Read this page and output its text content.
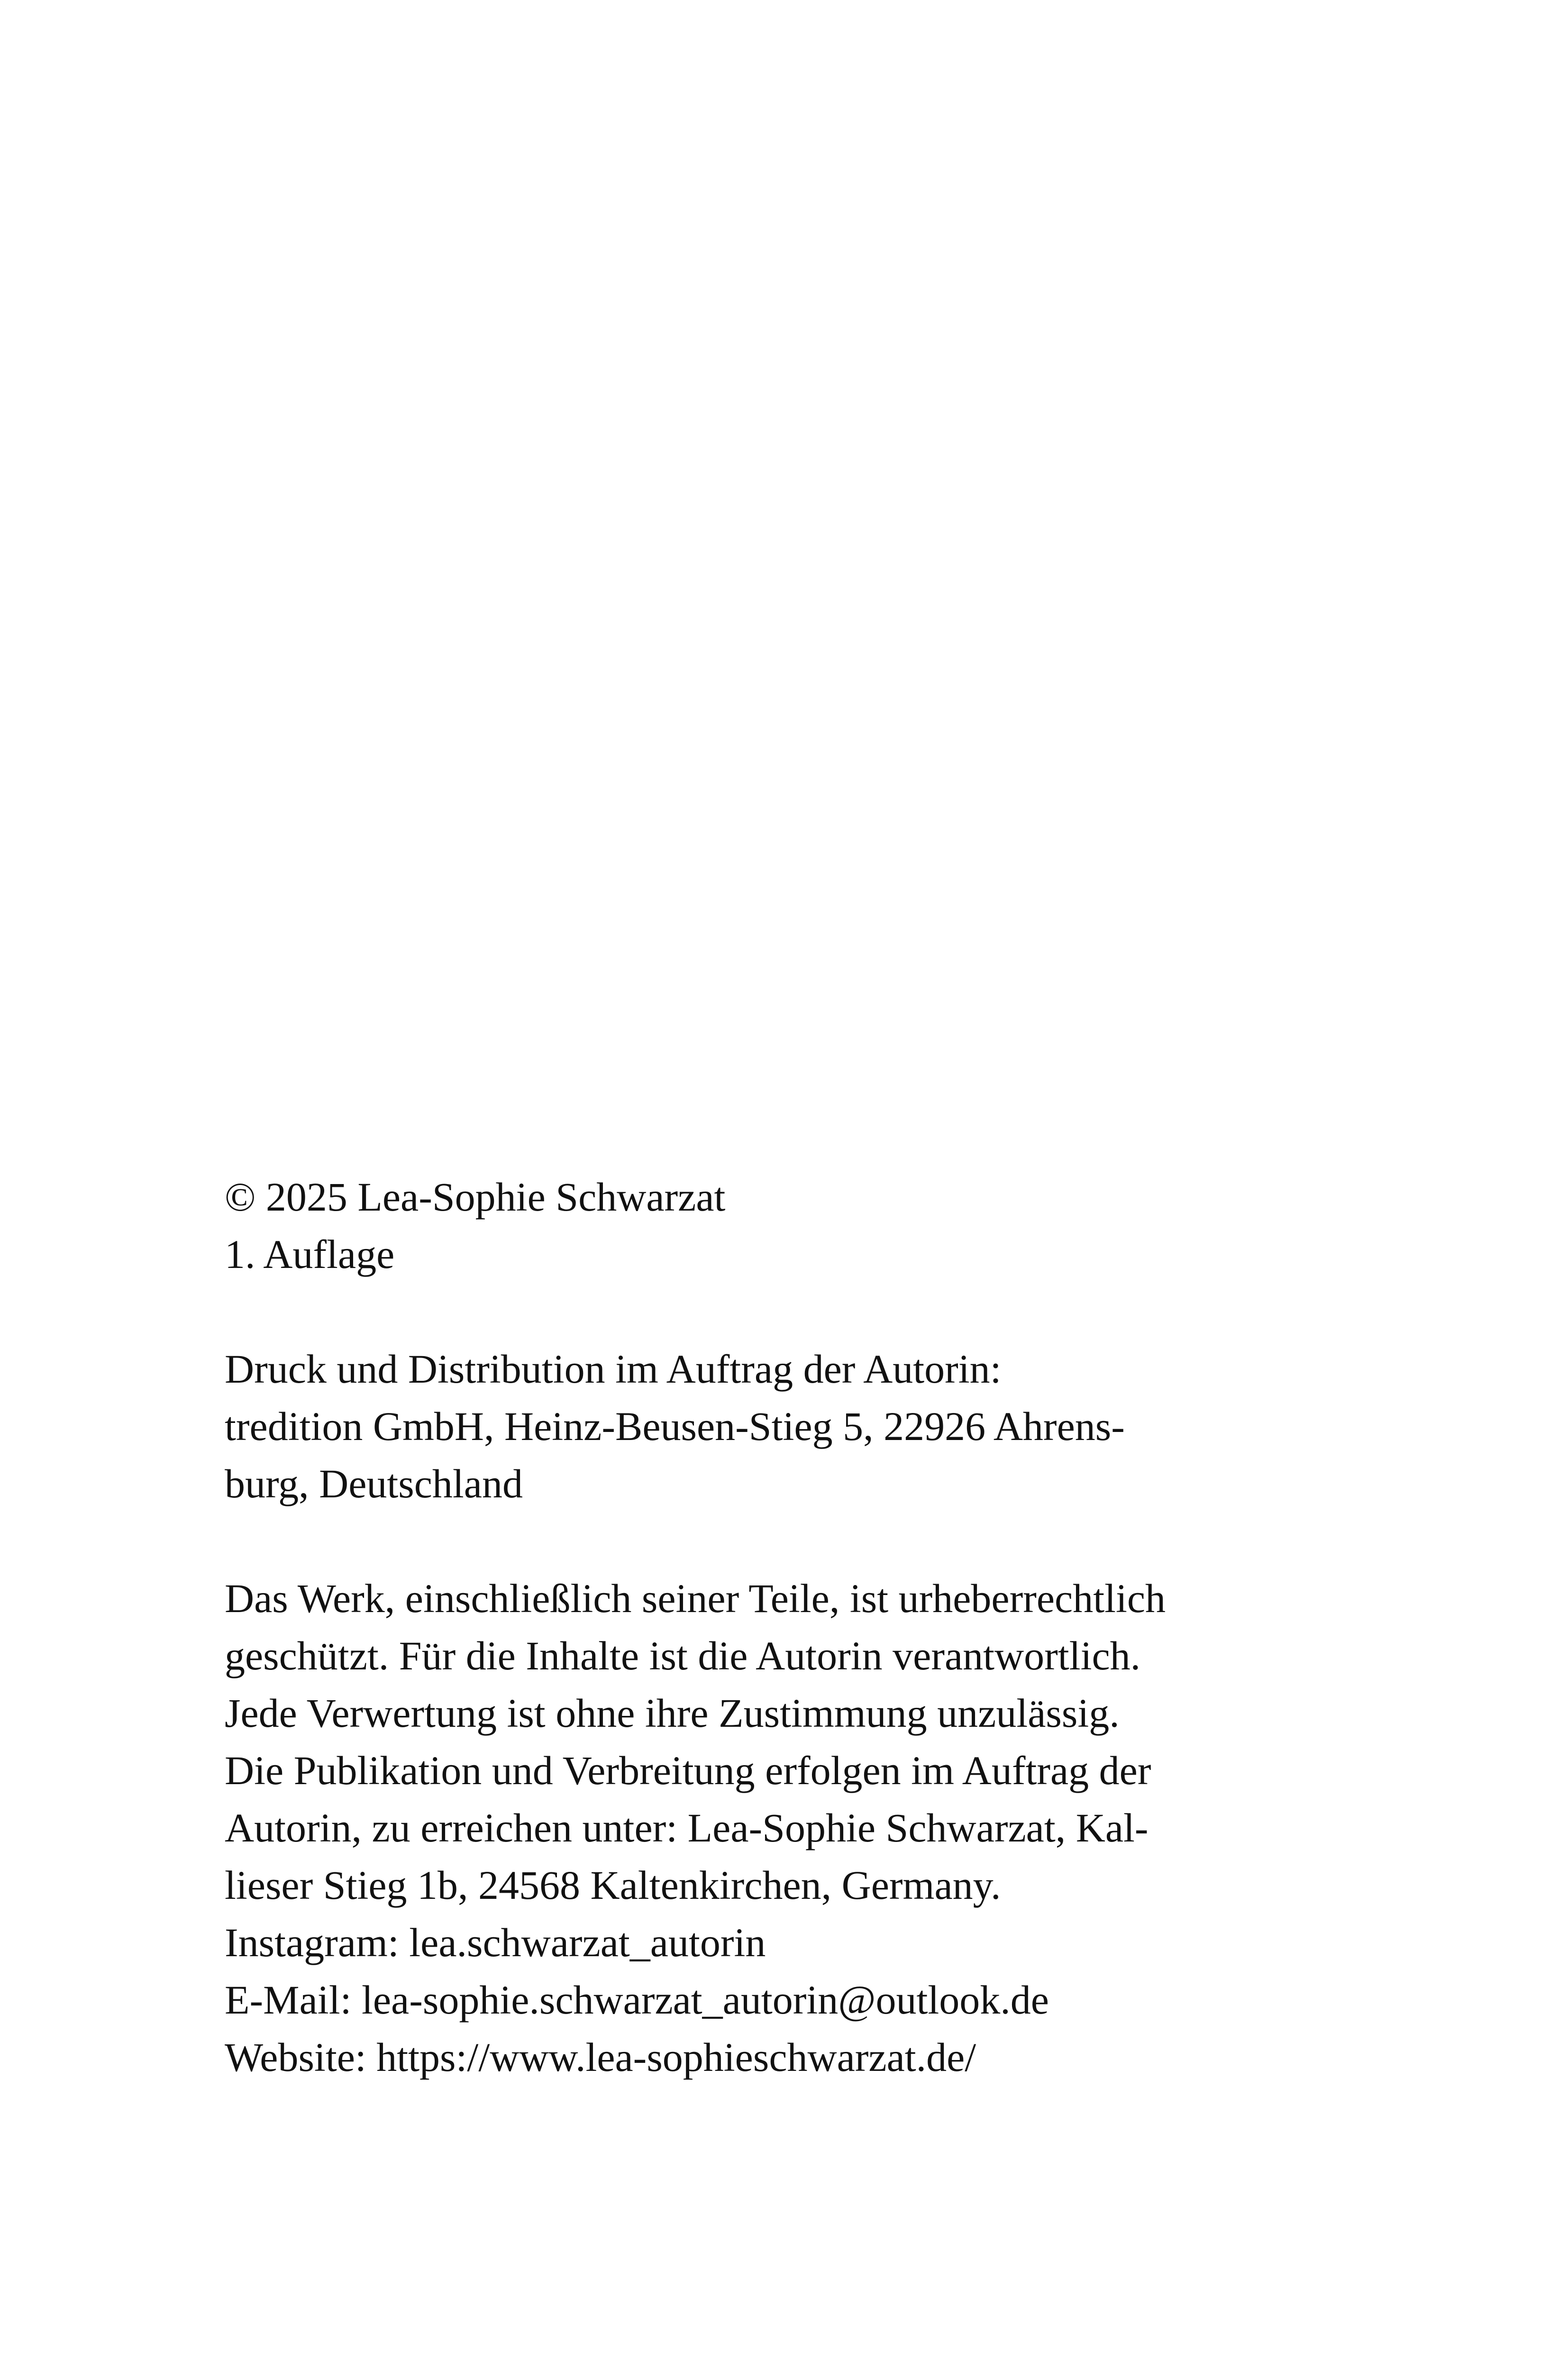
© 2025 Lea-Sophie Schwarzat
1. Auflage
Druck und Distribution im Auftrag der Autorin:
tredition GmbH, Heinz-Beusen-Stieg 5, 22926 Ahrens-
burg, Deutschland
Das Werk, einschließlich seiner Teile, ist urheberrechtlich
geschützt. Für die Inhalte ist die Autorin verantwortlich.
Jede Verwertung ist ohne ihre Zustimmung unzulässig.
Die Publikation und Verbreitung erfolgen im Auftrag der
Autorin, zu erreichen unter: Lea-Sophie Schwarzat, Kal-
lieser Stieg 1b, 24568 Kaltenkirchen, Germany.
Instagram: lea.schwarzat_autorin
E-Mail: lea-sophie.schwarzat_autorin@outlook.de
Website: https://www.lea-sophieschwarzat.de/
